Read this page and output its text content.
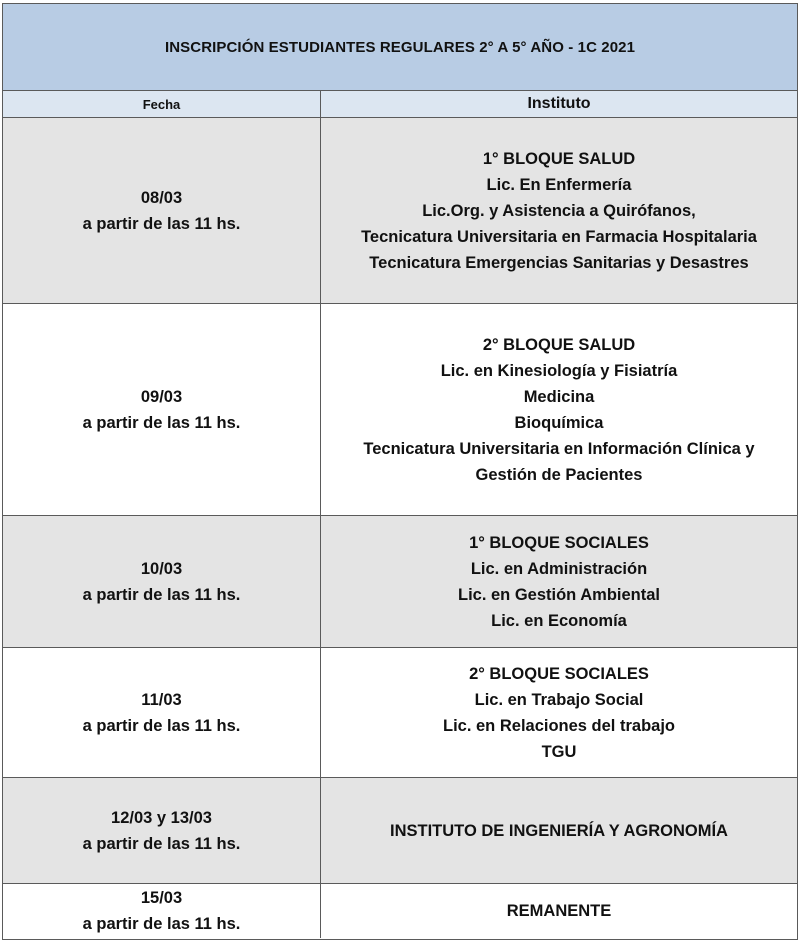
INSCRIPCIÓN ESTUDIANTES REGULARES 2° A 5° AÑO - 1C 2021
Fecha	Instituto
08/03
a partir de las 11 hs.
1° BLOQUE SALUD
Lic. En Enfermería
Lic.Org. y Asistencia a Quirófanos,
Tecnicatura Universitaria en Farmacia Hospitalaria
Tecnicatura Emergencias Sanitarias y Desastres
09/03
a partir de las 11 hs.
2° BLOQUE SALUD
Lic. en Kinesiología y Fisiatría
Medicina
Bioquímica
Tecnicatura Universitaria en Información Clínica y
Gestión de Pacientes
10/03
a partir de las 11 hs.
1° BLOQUE SOCIALES
Lic. en Administración
Lic. en Gestión Ambiental
Lic. en Economía
11/03
a partir de las 11 hs.
2° BLOQUE SOCIALES
Lic. en Trabajo Social
Lic. en Relaciones del trabajo
TGU
12/03 y 13/03
a partir de las 11 hs.
INSTITUTO DE INGENIERÍA Y AGRONOMÍA
15/03
a partir de las 11 hs.
REMANENTE
